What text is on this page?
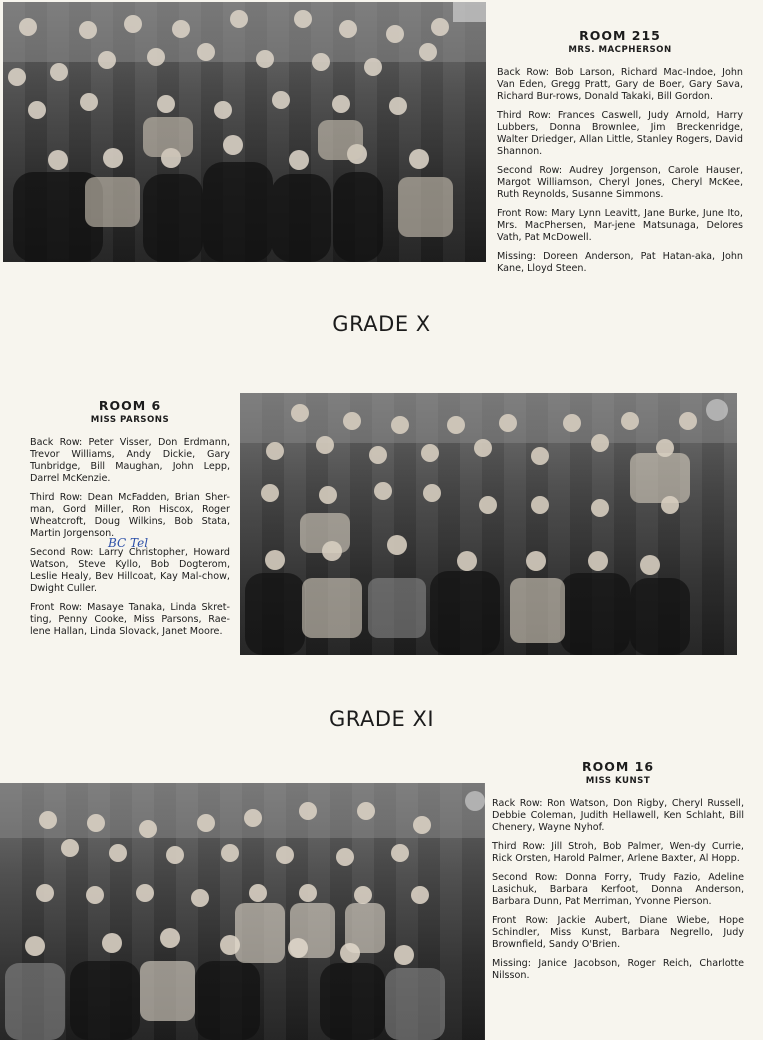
ROOM 215
MRS. MACPHERSON

Back Row: Bob Larson, Richard Mac-Indoe, John Van Eden, Gregg Pratt, Gary de Boer, Gary Sava, Richard Bur-rows, Donald Takaki, Bill Gordon.

Third Row: Frances Caswell, Judy Arnold, Harry Lubbers, Donna Brownlee, Jim Breckenridge, Walter Driedger, Allan Little, Stanley Rogers, David Shannon.

Second Row: Audrey Jorgenson, Carole Hauser, Margot Williamson, Cheryl Jones, Cheryl McKee, Ruth Reynolds, Susanne Simmons.

Front Row: Mary Lynn Leavitt, Jane Burke, June Ito, Mrs. MacPhersen, Mar-jene Matsunaga, Delores Vath, Pat McDowell.

Missing: Doreen Anderson, Pat Hatan-aka, John Kane, Lloyd Steen.

GRADE X
ROOM 6
MISS PARSONS

Back Row: Peter Visser, Don Erdmann, Trevor Williams, Andy Dickie, Gary Tunbridge, Bill Maughan, John Lepp, Darrel McKenzie.

Third Row: Dean McFadden, Brian Sher-man, Gord Miller, Ron Hiscox, Roger Wheatcroft, Doug Wilkins, Bob Stata, Martin Jorgenson.

Second Row: Larry Christopher, Howard Watson, Steve Kyllo, Bob Dogterom, Leslie Healy, Bev Hillcoat, Kay Mal-chow, Dwight Culler.

Front Row: Masaye Tanaka, Linda Skret-ting, Penny Cooke, Miss Parsons, Rae-lene Hallan, Linda Slovack, Janet Moore.

BC Tel
GRADE XI
ROOM 16
MISS KUNST

Rack Row: Ron Watson, Don Rigby, Cheryl Russell, Debbie Coleman, Judith Hellawell, Ken Schlaht, Bill Chenery, Wayne Nyhof.

Third Row: Jill Stroh, Bob Palmer, Wen-dy Currie, Rick Orsten, Harold Palmer, Arlene Baxter, Al Hopp.

Second Row: Donna Forry, Trudy Fazio, Adeline Lasichuk, Barbara Kerfoot, Donna Anderson, Barbara Dunn, Pat Merriman, Yvonne Pierson.

Front Row: Jackie Aubert, Diane Wiebe, Hope Schindler, Miss Kunst, Barbara Negrello, Judy Brownfield, Sandy O'Brien.

Missing: Janice Jacobson, Roger Reich, Charlotte Nilsson.
